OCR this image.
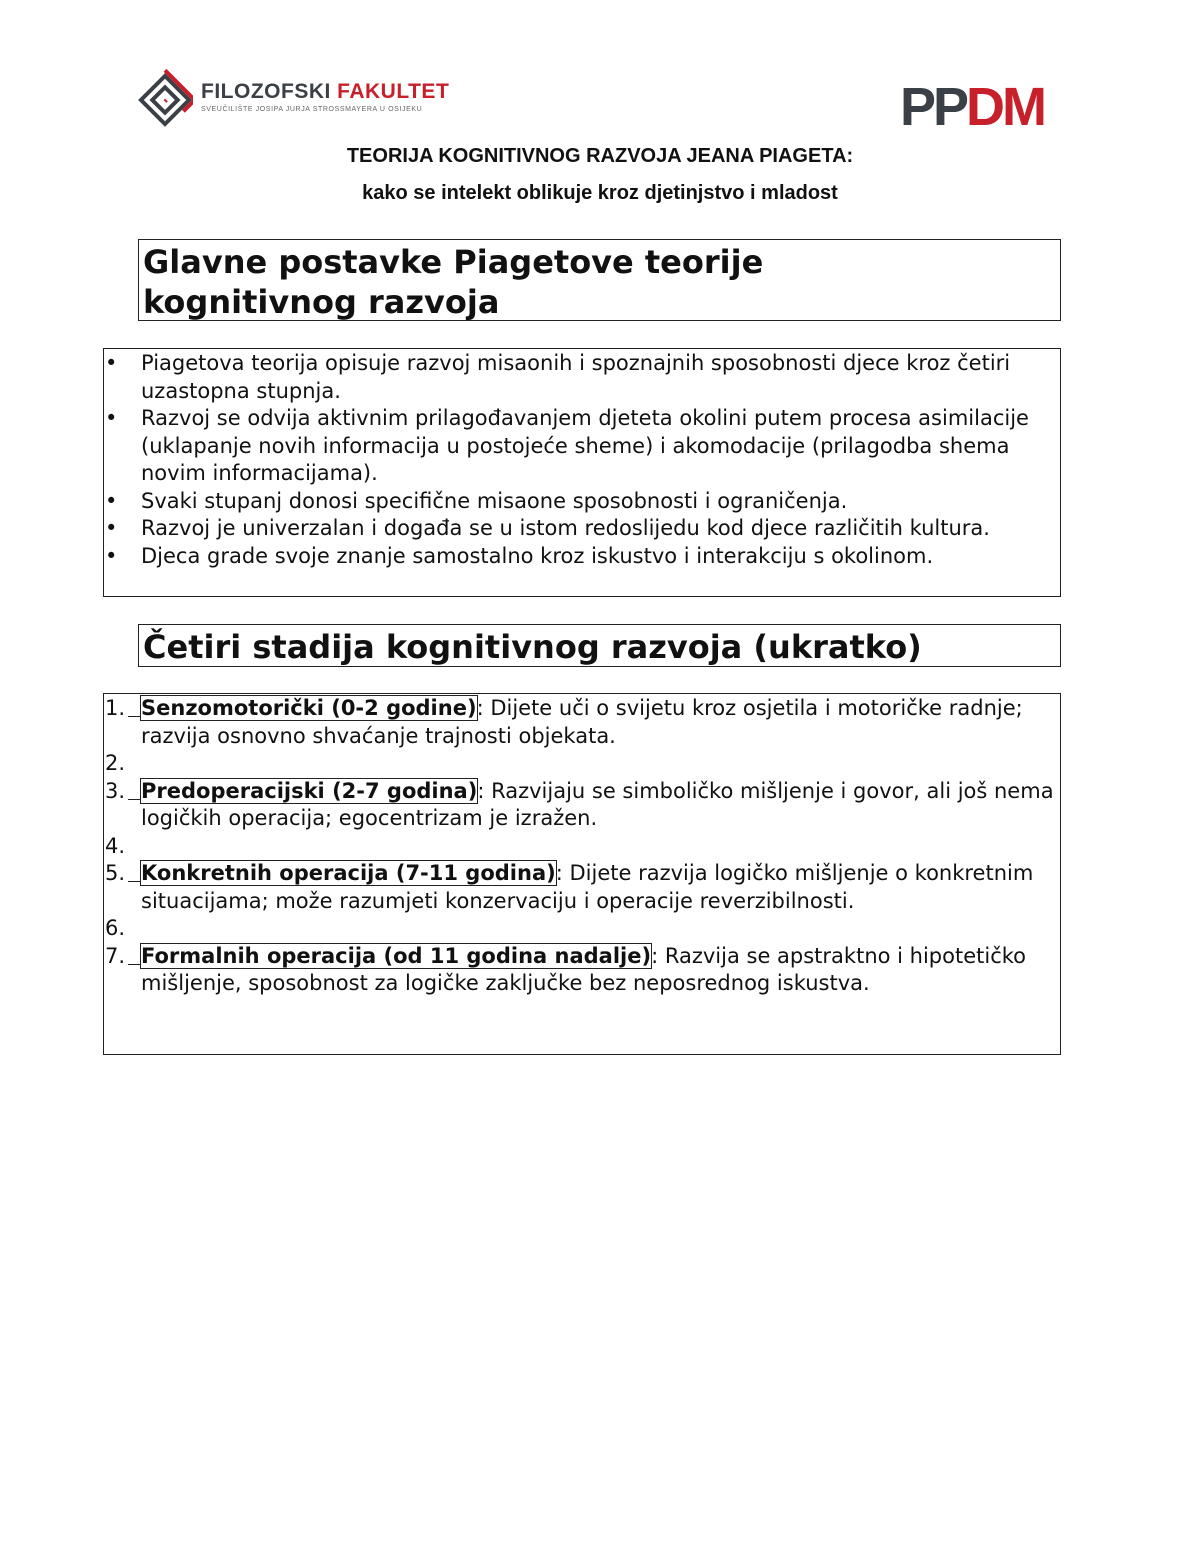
FILOZOFSKI FAKULTET
SVEUČILIŠTE JOSIPA JURJA STROSSMAYERA U OSIJEKU	PPDM
TEORIJA KOGNITIVNOG RAZVOJA JEANA PIAGETA:
kako se intelekt oblikuje kroz djetinjstvo i mladost

Glavne postavke Piagetove teorije

kognitivnog razvoja

• Piagetova teorija opisuje razvoj misaonih i spoznajnih sposobnosti djece kroz četiri uzastopna stupnja.
• Razvoj se odvija aktivnim prilagođavanjem djeteta okolini putem procesa asimilacije (uklapanje novih informacija u postojeće sheme) i akomodacije (prilagodba shema novim informacijama).
• Svaki stupanj donosi specifične misaone sposobnosti i ograničenja.
• Razvoj je univerzalan i događa se u istom redoslijedu kod djece različitih kultura.
• Djeca grade svoje znanje samostalno kroz iskustvo i interakciju s okolinom.

Četiri stadija kognitivnog razvoja (ukratko)

1. Senzomotorički (0-2 godine): Dijete uči o svijetu kroz osjetila i motoričke radnje; razvija osnovno shvaćanje trajnosti objekata.
2.
3. Predoperacijski (2-7 godina): Razvijaju se simboličko mišljenje i govor, ali još nema logičkih operacija; egocentrizam je izražen.
4.
5. Konkretnih operacija (7-11 godina): Dijete razvija logičko mišljenje o konkretnim situacijama; može razumjeti konzervaciju i operacije reverzibilnosti.
6.
7. Formalnih operacija (od 11 godina nadalje): Razvija se apstraktno i hipotetičko mišljenje, sposobnost za logičke zaključke bez neposrednog iskustva.
